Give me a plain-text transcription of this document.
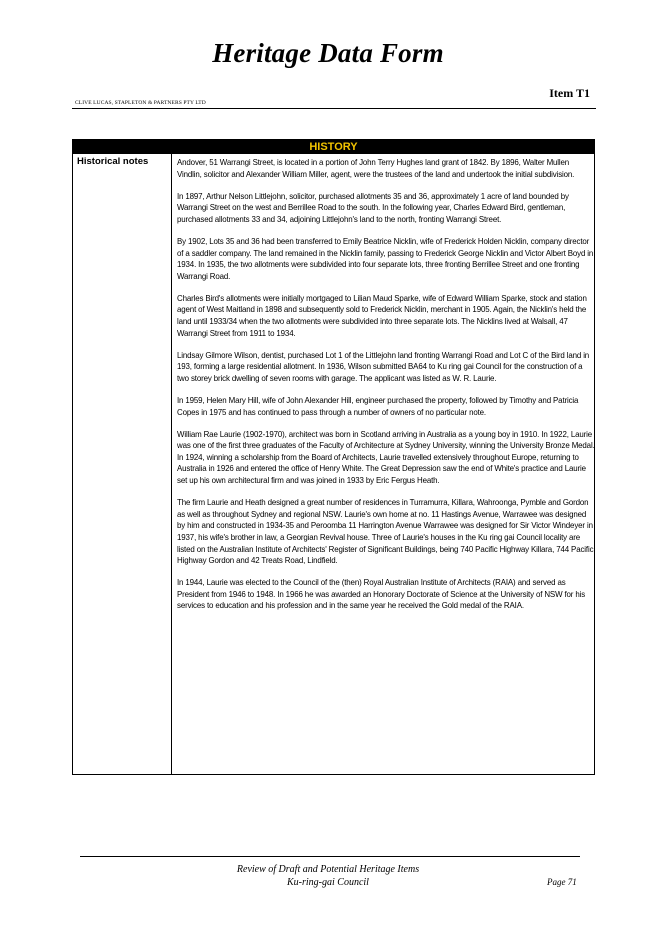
Heritage Data Form
Item T1
CLIVE LUCAS, STAPLETON & PARTNERS PTY LTD
HISTORY
Historical notes	Andover, 51 Warrangi Street, is located in a portion of John Terry Hughes land grant of 1842. By 1896, Walter Mullen Vindlin, solicitor and Alexander William Miller, agent, were the trustees of the land and undertook the initial subdivision.

In 1897, Arthur Nelson Littlejohn, solicitor, purchased allotments 35 and 36, approximately 1 acre of land bounded by Warrangi Street on the west and Berrillee Road to the south. In the following year, Charles Edward Bird, gentleman, purchased allotments 33 and 34, adjoining Littlejohn's land to the north, fronting Warrangi Street.

By 1902, Lots 35 and 36 had been transferred to Emily Beatrice Nicklin, wife of Frederick Holden Nicklin, company director of a saddler company. The land remained in the Nicklin family, passing to Frederick George Nicklin and Victor Albert Boyd in 1934. In 1935, the two allotments were subdivided into four separate lots, three fronting Berrillee Street and one fronting Warrangi Road.

Charles Bird's allotments were initially mortgaged to Lilian Maud Sparke, wife of Edward William Sparke, stock and station agent of West Maitland in 1898 and subsequently sold to Frederick Nicklin, merchant in 1905. Again, the Nicklin's held the land until 1933/34 when the two allotments were subdivided into three separate lots. The Nicklins lived at Walsall, 47 Warrangi Street from 1911 to 1934.

Lindsay Gilmore Wilson, dentist, purchased Lot 1 of the Littlejohn land fronting Warrangi Road and Lot C of the Bird land in 193, forming a large residential allotment. In 1936, Wilson submitted BA64 to Ku ring gai Council for the construction of a two storey brick dwelling of seven rooms with garage. The applicant was listed as W. R. Laurie.

In 1959, Helen Mary Hill, wife of John Alexander Hill, engineer purchased the property, followed by Timothy and Patricia Copes in 1975 and has continued to pass through a number of owners of no particular note.

William Rae Laurie (1902-1970), architect was born in Scotland arriving in Australia as a young boy in 1910. In 1922, Laurie was one of the first three graduates of the Faculty of Architecture at Sydney University, winning the University Bronze Medal. In 1924, winning a scholarship from the Board of Architects, Laurie travelled extensively throughout Europe, returning to Australia in 1926 and entered the office of Henry White. The Great Depression saw the end of White's practice and Laurie set up his own architectural firm and was joined in 1933 by Eric Fergus Heath.

The firm Laurie and Heath designed a great number of residences in Turramurra, Killara, Wahroonga, Pymble and Gordon as well as throughout Sydney and regional NSW. Laurie's own home at no. 11 Hastings Avenue, Warrawee was designed by him and constructed in 1934-35 and Peroomba 11 Harrington Avenue Warrawee was designed for Sir Victor Windeyer in 1937, his wife's brother in law, a Georgian Revival house. Three of Laurie's houses in the Ku ring gai Council locality are listed on the Australian Institute of Architects' Register of Significant Buildings, being 740 Pacific Highway Killara, 744 Pacific Highway Gordon and 42 Treats Road, Lindfield.

In 1944, Laurie was elected to the Council of the (then) Royal Australian Institute of Architects (RAIA) and served as President from 1946 to 1948. In 1966 he was awarded an Honorary Doctorate of Science at the University of NSW for his services to education and his profession and in the same year he received the Gold medal of the RAIA.

Review of Draft and Potential Heritage Items
Ku-ring-gai Council	Page 71
